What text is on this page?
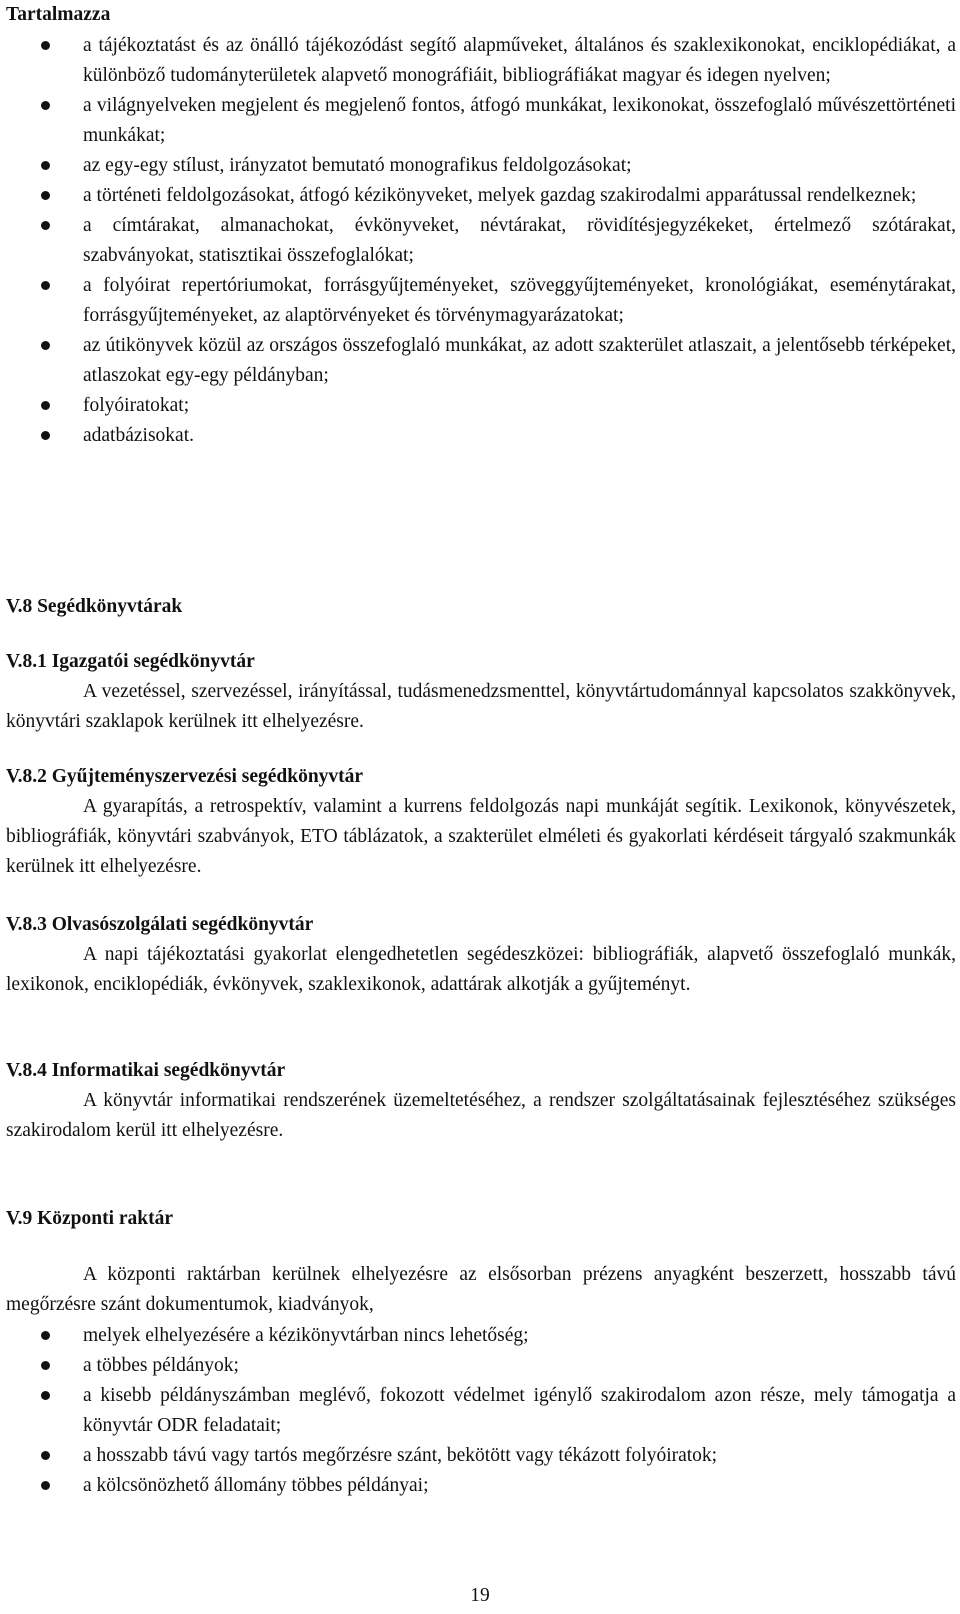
Tartalmazza

a tájékoztatást és az önálló tájékozódást segítő alapműveket, általános és szaklexikonokat, enciklopédiákat, a különböző tudományterületek alapvető monográfiáit, bibliográfiákat magyar és idegen nyelven;
a világnyelveken megjelent és megjelenő fontos, átfogó munkákat, lexikonokat, összefoglaló művészettörténeti munkákat;
az egy-egy stílust, irányzatot bemutató monografikus feldolgozásokat;
a történeti feldolgozásokat, átfogó kézikönyveket, melyek gazdag szakirodalmi apparátussal rendelkeznek;
a címtárakat, almanachokat, évkönyveket, névtárakat, rövidítésjegyzékeket, értelmező szótárakat, szabványokat, statisztikai összefoglalókat;
a folyóirat repertóriumokat, forrásgyűjteményeket, szöveggyűjteményeket, kronológiákat, eseménytárakat, forrásgyűjteményeket, az alaptörvényeket és törvénymagyarázatokat;
az útikönyvek közül az országos összefoglaló munkákat, az adott szakterület atlaszait, a jelentősebb térképeket, atlaszokat egy-egy példányban;
folyóiratokat;
adatbázisokat.

V.8 Segédkönyvtárak

V.8.1 Igazgatói segédkönyvtár

A vezetéssel, szervezéssel, irányítással, tudásmenedzsmenttel, könyvtártudománnyal kapcsolatos szakkönyvek, könyvtári szaklapok kerülnek itt elhelyezésre.

V.8.2 Gyűjteményszervezési segédkönyvtár

A gyarapítás, a retrospektív, valamint a kurrens feldolgozás napi munkáját segítik. Lexikonok, könyvészetek, bibliográfiák, könyvtári szabványok, ETO táblázatok, a szakterület elméleti és gyakorlati kérdéseit tárgyaló szakmunkák kerülnek itt elhelyezésre.

V.8.3 Olvasószolgálati segédkönyvtár

A napi tájékoztatási gyakorlat elengedhetetlen segédeszközei: bibliográfiák, alapvető összefoglaló munkák, lexikonok, enciklopédiák, évkönyvek, szaklexikonok, adattárak alkotják a gyűjteményt.

V.8.4 Informatikai segédkönyvtár

A könyvtár informatikai rendszerének üzemeltetéséhez, a rendszer szolgáltatásainak fejlesztéséhez szükséges szakirodalom kerül itt elhelyezésre.

V.9 Központi raktár

A központi raktárban kerülnek elhelyezésre az elsősorban prézens anyagként beszerzett, hosszabb távú megőrzésre szánt dokumentumok, kiadványok,

melyek elhelyezésére a kézikönyvtárban nincs lehetőség;
a többes példányok;
a kisebb példányszámban meglévő, fokozott védelmet igénylő szakirodalom azon része, mely támogatja a könyvtár ODR feladatait;
a hosszabb távú vagy tartós megőrzésre szánt, bekötött vagy tékázott folyóiratok;
a kölcsönözhető állomány többes példányai;
19
